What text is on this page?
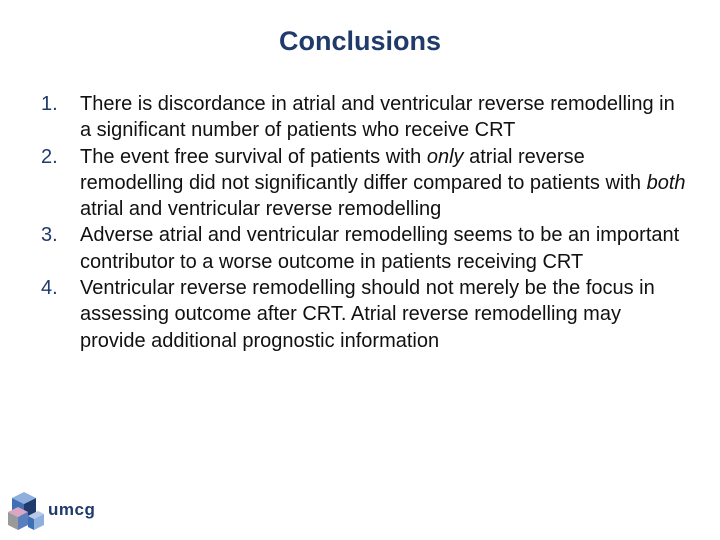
Conclusions
1. There is discordance in atrial and ventricular reverse remodelling in a significant number of patients who receive CRT
2. The event free survival of patients with only atrial reverse remodelling did not significantly differ compared to patients with both atrial and ventricular reverse remodelling
3. Adverse atrial and ventricular remodelling seems to be an important contributor to a worse outcome in patients receiving CRT
4. Ventricular reverse remodelling should not merely be the focus in assessing outcome after CRT. Atrial reverse remodelling may provide additional prognostic information
umcg
